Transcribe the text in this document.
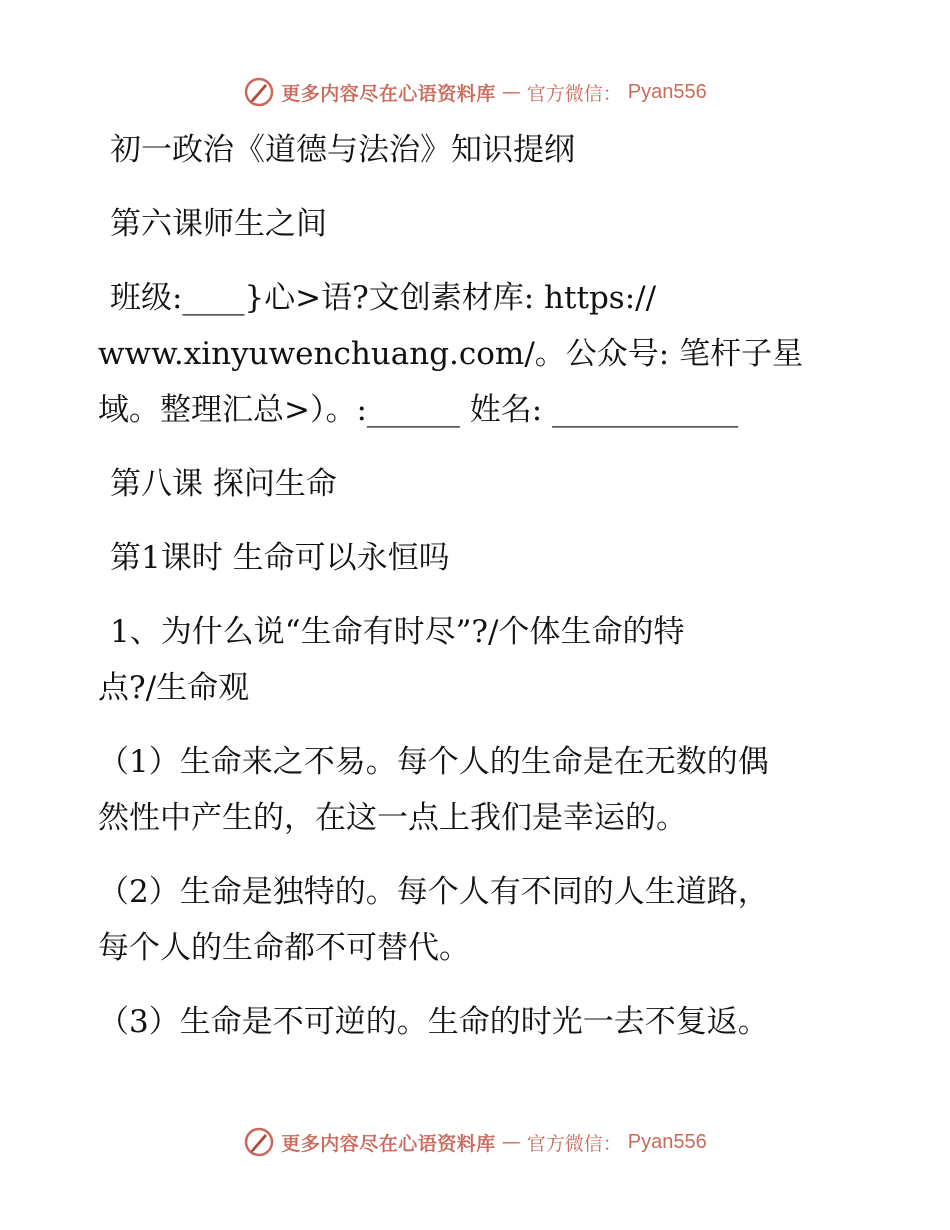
更多内容尽在心语资料库 — 官方微信： Pyan556

初一政治《道德与法治》知识提纲

第六课师生之间

班级:____}心>语?文创素材库: https://

www.xinyuwenchuang.com/。公众号: 笔杆子星

域。整理汇总>）。:______ 姓名: ____________

第八课 探问生命

第1课时 生命可以永恒吗

1、为什么说“生命有时尽”?/个体生命的特

点?/生命观

（1）生命来之不易。每个人的生命是在无数的偶

然性中产生的，在这一点上我们是幸运的。

（2）生命是独特的。每个人有不同的人生道路，

每个人的生命都不可替代。

（3）生命是不可逆的。生命的时光一去不复返。

更多内容尽在心语资料库 — 官方微信： Pyan556
